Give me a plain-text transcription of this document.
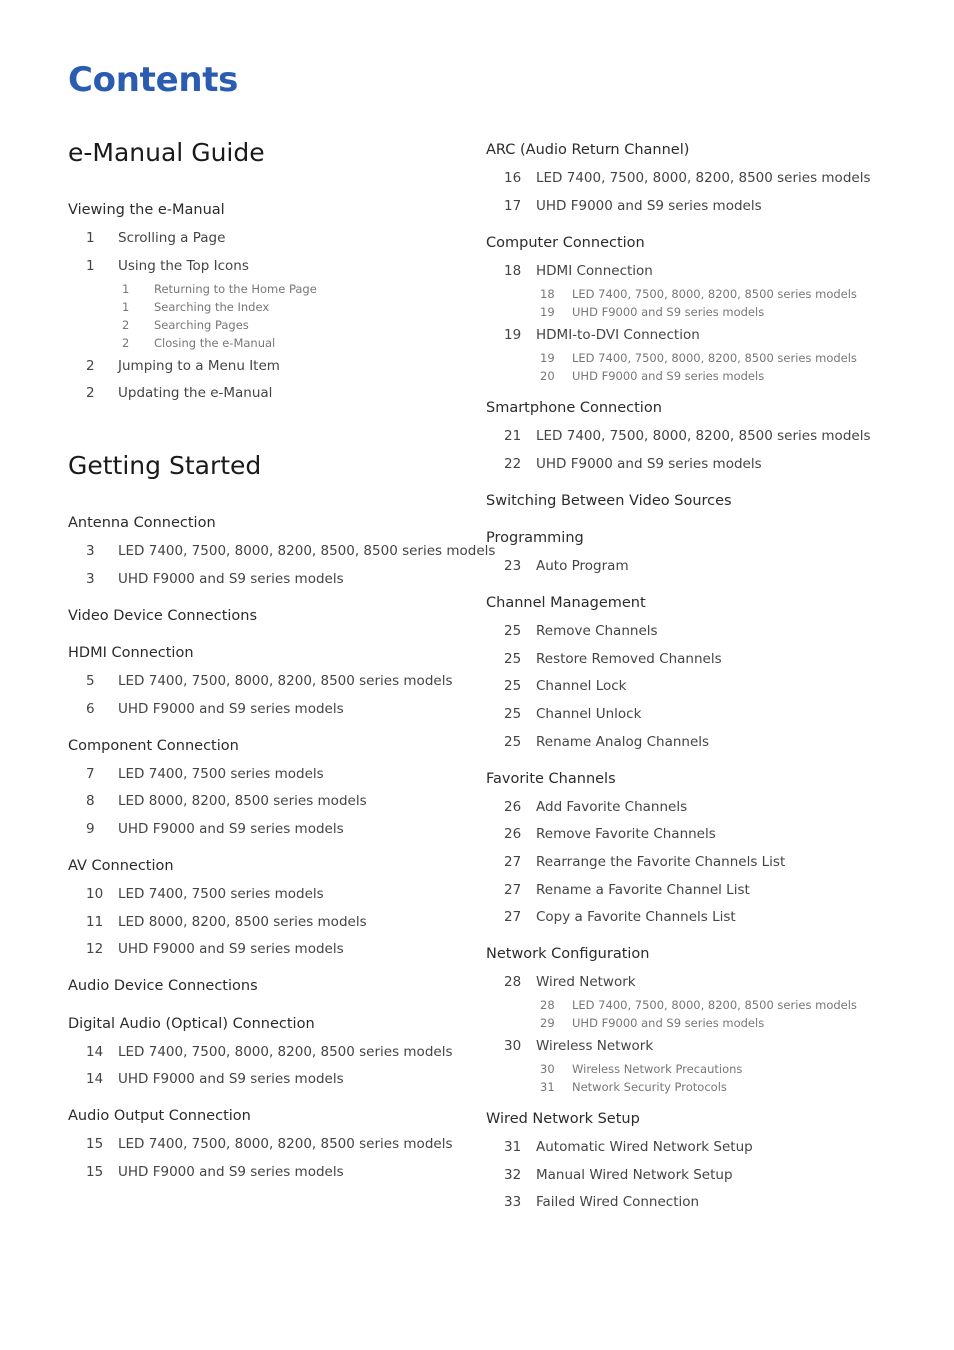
Contents
e-Manual Guide
Viewing the e-Manual
1	Scrolling a Page
1	Using the Top Icons
1	Returning to the Home Page
1	Searching the Index
2	Searching Pages
2	Closing the e-Manual
2	Jumping to a Menu Item
2	Updating the e-Manual
Getting Started
Antenna Connection
3	LED 7400, 7500, 8000, 8200, 8500, 8500 series models
3	UHD F9000 and S9 series models
Video Device Connections
HDMI Connection
5	LED 7400, 7500, 8000, 8200, 8500 series models
6	UHD F9000 and S9 series models
Component Connection
7	LED 7400, 7500 series models
8	LED 8000, 8200, 8500 series models
9	UHD F9000 and S9 series models
AV Connection
10	LED 7400, 7500 series models
11	LED 8000, 8200, 8500 series models
12	UHD F9000 and S9 series models
Audio Device Connections
Digital Audio (Optical) Connection
14	LED 7400, 7500, 8000, 8200, 8500 series models
14	UHD F9000 and S9 series models
Audio Output Connection
15	LED 7400, 7500, 8000, 8200, 8500 series models
15	UHD F9000 and S9 series models
ARC (Audio Return Channel)
16	LED 7400, 7500, 8000, 8200, 8500 series models
17	UHD F9000 and S9 series models
Computer Connection
18	HDMI Connection
18	LED 7400, 7500, 8000, 8200, 8500 series models
19	UHD F9000 and S9 series models
19	HDMI-to-DVI Connection
19	LED 7400, 7500, 8000, 8200, 8500 series models
20	UHD F9000 and S9 series models
Smartphone Connection
21	LED 7400, 7500, 8000, 8200, 8500 series models
22	UHD F9000 and S9 series models
Switching Between Video Sources
Programming
23	Auto Program
Channel Management
25	Remove Channels
25	Restore Removed Channels
25	Channel Lock
25	Channel Unlock
25	Rename Analog Channels
Favorite Channels
26	Add Favorite Channels
26	Remove Favorite Channels
27	Rearrange the Favorite Channels List
27	Rename a Favorite Channel List
27	Copy a Favorite Channels List
Network Configuration
28	Wired Network
28	LED 7400, 7500, 8000, 8200, 8500 series models
29	UHD F9000 and S9 series models
30	Wireless Network
30	Wireless Network Precautions
31	Network Security Protocols
Wired Network Setup
31	Automatic Wired Network Setup
32	Manual Wired Network Setup
33	Failed Wired Connection
